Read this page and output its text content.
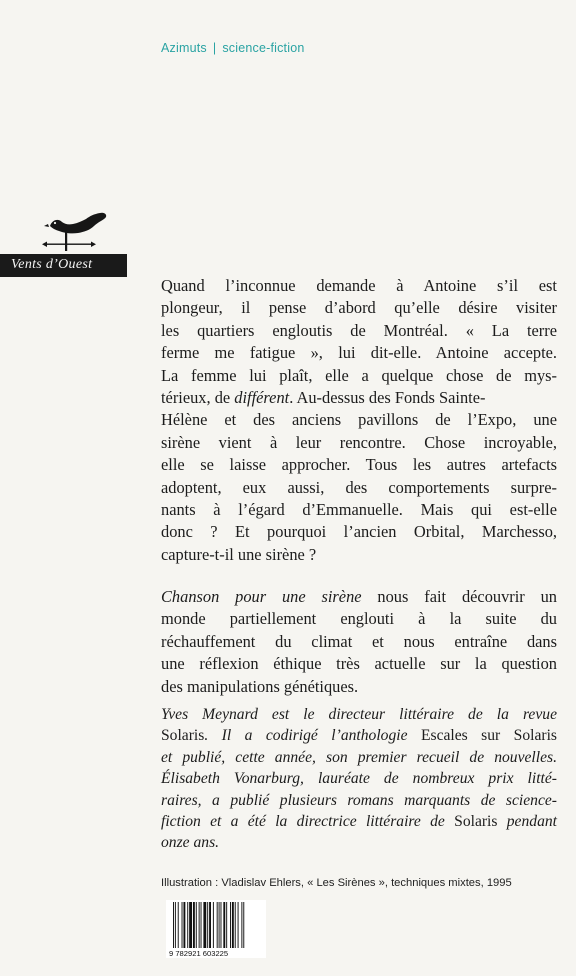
Azimuts | science-fiction
Vents d’Ouest
Quand l’inconnue demande à Antoine s’il est
plongeur, il pense d’abord qu’elle désire visiter
les quartiers engloutis de Montréal. « La terre
ferme me fatigue », lui dit-elle. Antoine accepte.
La femme lui plaît, elle a quelque chose de mys-
térieux, de différent. Au-dessus des Fonds Sainte-
Hélène et des anciens pavillons de l’Expo, une
sirène vient à leur rencontre. Chose incroyable,
elle se laisse approcher. Tous les autres artefacts
adoptent, eux aussi, des comportements surpre-
nants à l’égard d’Emmanuelle. Mais qui est-elle
donc ? Et pourquoi l’ancien Orbital, Marchesso,
capture-t-il une sirène ?
Chanson pour une sirène nous fait découvrir un
monde partiellement englouti à la suite du
réchauffement du climat et nous entraîne dans
une réflexion éthique très actuelle sur la question
des manipulations génétiques.
Yves Meynard est le directeur littéraire de la revue
Solaris. Il a codirigé l’anthologie Escales sur Solaris
et publié, cette année, son premier recueil de nouvelles.
Élisabeth Vonarburg, lauréate de nombreux prix litté-
raires, a publié plusieurs romans marquants de science-
fiction et a été la directrice littéraire de Solaris pendant
onze ans.
Illustration : Vladislav Ehlers, « Les Sirènes », techniques mixtes, 1995
9 782921 603225
